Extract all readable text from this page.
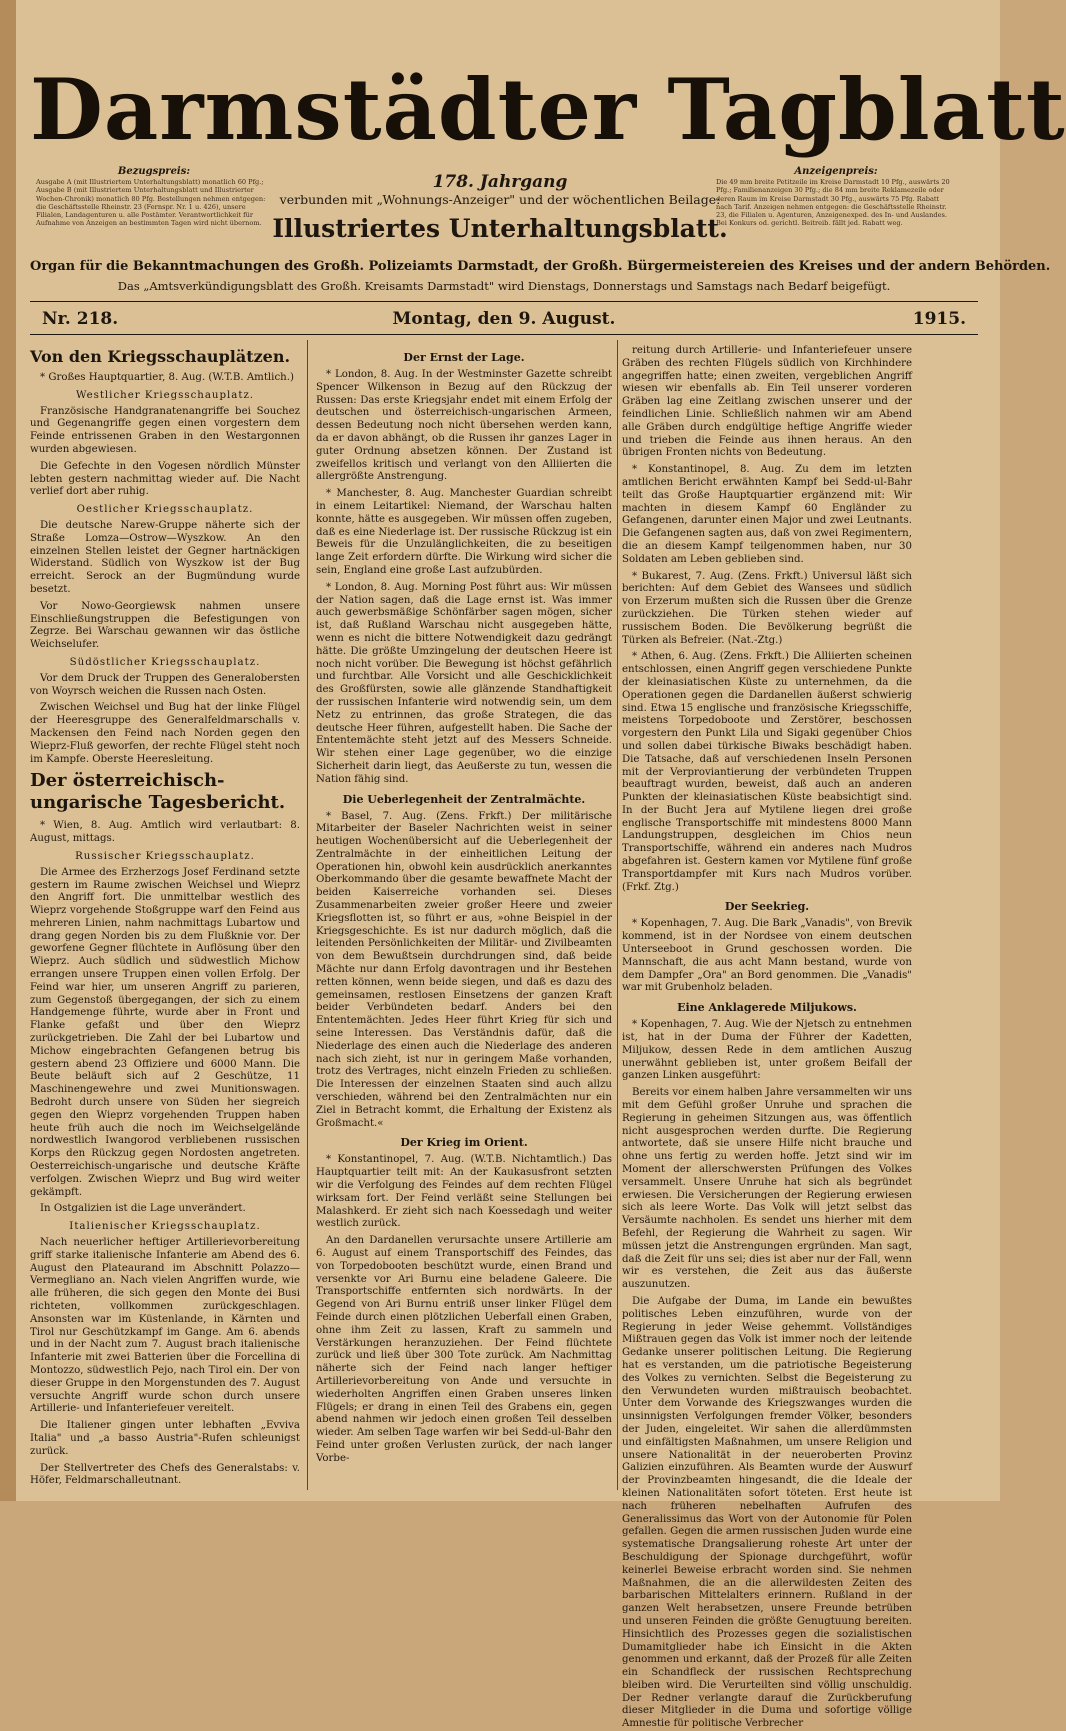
Darmstädter Tagblatt
Bezugspreis:
Ausgabe A (mit Illustriertem Unterhaltungsblatt) monatlich 60 Pfg.; Ausgabe B (mit Illustriertem Unterhaltungsblatt und Illustrierter Wochen-Chronik) monatlich 80 Pfg. Bestellungen nehmen entgegen: die Geschäftsstelle Rheinstr. 23 (Fernspr. Nr. 1 u. 426), unsere Filialen, Landagenturen u. alle Postämter. Verantwortlichkeit für Aufnahme von Anzeigen an bestimmten Tagen wird nicht übernom.
178. Jahrgang
verbunden mit „Wohnungs-Anzeiger" und der wöchentlichen Beilage:
Illustriertes Unterhaltungsblatt.
Anzeigenpreis:
Die 49 mm breite Petitzeile im Kreise Darmstadt 10 Pfg., auswärts 20 Pfg.; Familienanzeigen 30 Pfg.; die 84 mm breite Reklamezeile oder deren Raum im Kreise Darmstadt 30 Pfg., auswärts 75 Pfg. Rabatt nach Tarif. Anzeigen nehmen entgegen: die Geschäftsstelle Rheinstr. 23, die Filialen u. Agenturen, Anzeigenexped. des In- und Auslandes. Bei Konkurs od. gerichtl. Beitreib. fällt jed. Rabatt weg.
Organ für die Bekanntmachungen des Großh. Polizeiamts Darmstadt, der Großh. Bürgermeistereien des Kreises und der andern Behörden.
Das „Amtsverkündigungsblatt des Großh. Kreisamts Darmstadt" wird Dienstags, Donnerstags und Samstags nach Bedarf beigefügt.
Nr. 218.	Montag, den 9. August.	1915.
Von den Kriegsschauplätzen.

* Großes Hauptquartier, 8. Aug. (W.T.B. Amtlich.)

Westlicher Kriegsschauplatz.

Französische Handgranatenangriffe bei Souchez und Gegenangriffe gegen einen vorgestern dem Feinde entrissenen Graben in den Westargonnen wurden abgewiesen.

Die Gefechte in den Vogesen nördlich Münster lebten gestern nachmittag wieder auf. Die Nacht verlief dort aber ruhig.

Oestlicher Kriegsschauplatz.

Die deutsche Narew-Gruppe näherte sich der Straße Lomza—Ostrow—Wyszkow. An den einzelnen Stellen leistet der Gegner hartnäckigen Widerstand. Südlich von Wyszkow ist der Bug erreicht. Serock an der Bugmündung wurde besetzt.

Vor Nowo-Georgiewsk nahmen unsere Einschließungstruppen die Befestigungen von Zegrze. Bei Warschau gewannen wir das östliche Weichselufer.

Südöstlicher Kriegsschauplatz.

Vor dem Druck der Truppen des Generalobersten von Woyrsch weichen die Russen nach Osten.

Zwischen Weichsel und Bug hat der linke Flügel der Heeresgruppe des Generalfeldmarschalls v. Mackensen den Feind nach Norden gegen den Wieprz-Fluß geworfen, der rechte Flügel steht noch im Kampfe. Oberste Heeresleitung.

Der österreichisch-ungarische Tagesbericht.

* Wien, 8. Aug. Amtlich wird verlautbart: 8. August, mittags.

Russischer Kriegsschauplatz.

Die Armee des Erzherzogs Josef Ferdinand setzte gestern im Raume zwischen Weichsel und Wieprz den Angriff fort. Die unmittelbar westlich des Wieprz vorgehende Stoßgruppe warf den Feind aus mehreren Linien, nahm nachmittags Lubartow und drang gegen Norden bis zu dem Flußknie vor. Der geworfene Gegner flüchtete in Auflösung über den Wieprz. Auch südlich und südwestlich Michow errangen unsere Truppen einen vollen Erfolg. Der Feind war hier, um unseren Angriff zu parieren, zum Gegenstoß übergegangen, der sich zu einem Handgemenge führte, wurde aber in Front und Flanke gefaßt und über den Wieprz zurückgetrieben. Die Zahl der bei Lubartow und Michow eingebrachten Gefangenen betrug bis gestern abend 23 Offiziere und 6000 Mann. Die Beute beläuft sich auf 2 Geschütze, 11 Maschinengewehre und zwei Munitionswagen. Bedroht durch unsere von Süden her siegreich gegen den Wieprz vorgehenden Truppen haben heute früh auch die noch im Weichselgelände nordwestlich Iwangorod verbliebenen russischen Korps den Rückzug gegen Nordosten angetreten. Oesterreichisch-ungarische und deutsche Kräfte verfolgen. Zwischen Wieprz und Bug wird weiter gekämpft.

In Ostgalizien ist die Lage unverändert.

Italienischer Kriegsschauplatz.

Nach neuerlicher heftiger Artillerievorbereitung griff starke italienische Infanterie am Abend des 6. August den Plateaurand im Abschnitt Polazzo—Vermegliano an. Nach vielen Angriffen wurde, wie alle früheren, die sich gegen den Monte dei Busi richteten, vollkommen zurückgeschlagen. Ansonsten war im Küstenlande, in Kärnten und Tirol nur Geschützkampf im Gange. Am 6. abends und in der Nacht zum 7. August brach italienische Infanterie mit zwei Batterien über die Forcellina di Montozzo, südwestlich Pejo, nach Tirol ein. Der von dieser Gruppe in den Morgenstunden des 7. August versuchte Angriff wurde schon durch unsere Artillerie- und Infanteriefeuer vereitelt.

Die Italiener gingen unter lebhaften „Evviva Italia" und „a basso Austria"-Rufen schleunigst zurück.

Der Stellvertreter des Chefs des Generalstabs: v. Höfer, Feldmarschalleutnant.

Der Ernst der Lage.

* London, 8. Aug. In der Westminster Gazette schreibt Spencer Wilkenson in Bezug auf den Rückzug der Russen: Das erste Kriegsjahr endet mit einem Erfolg der deutschen und österreichisch-ungarischen Armeen, dessen Bedeutung noch nicht übersehen werden kann, da er davon abhängt, ob die Russen ihr ganzes Lager in guter Ordnung absetzen können. Der Zustand ist zweifellos kritisch und verlangt von den Alliierten die allergrößte Anstrengung.

* Manchester, 8. Aug. Manchester Guardian schreibt in einem Leitartikel: Niemand, der Warschau halten konnte, hätte es ausgegeben. Wir müssen offen zugeben, daß es eine Niederlage ist. Der russische Rückzug ist ein Beweis für die Unzulänglichkeiten, die zu beseitigen lange Zeit erfordern dürfte. Die Wirkung wird sicher die sein, England eine große Last aufzubürden.

* London, 8. Aug. Morning Post führt aus: Wir müssen der Nation sagen, daß die Lage ernst ist. Was immer auch gewerbsmäßige Schönfärber sagen mögen, sicher ist, daß Rußland Warschau nicht ausgegeben hätte, wenn es nicht die bittere Notwendigkeit dazu gedrängt hätte. Die größte Umzingelung der deutschen Heere ist noch nicht vorüber. Die Bewegung ist höchst gefährlich und furchtbar. Alle Vorsicht und alle Geschicklichkeit des Großfürsten, sowie alle glänzende Standhaftigkeit der russischen Infanterie wird notwendig sein, um dem Netz zu entrinnen, das große Strategen, die das deutsche Heer führen, aufgestellt haben. Die Sache der Ententemächte steht jetzt auf des Messers Schneide. Wir stehen einer Lage gegenüber, wo die einzige Sicherheit darin liegt, das Aeußerste zu tun, wessen die Nation fähig sind.

Die Ueberlegenheit der Zentralmächte.

* Basel, 7. Aug. (Zens. Frkft.) Der militärische Mitarbeiter der Baseler Nachrichten weist in seiner heutigen Wochenübersicht auf die Ueberlegenheit der Zentralmächte in der einheitlichen Leitung der Operationen hin, obwohl kein ausdrücklich anerkanntes Oberkommando über die gesamte bewaffnete Macht der beiden Kaiserreiche vorhanden sei. Dieses Zusammenarbeiten zweier großer Heere und zweier Kriegsflotten ist, so führt er aus, »ohne Beispiel in der Kriegsgeschichte. Es ist nur dadurch möglich, daß die leitenden Persönlichkeiten der Militär- und Zivilbeamten von dem Bewußtsein durchdrungen sind, daß beide Mächte nur dann Erfolg davontragen und ihr Bestehen retten können, wenn beide siegen, und daß es dazu des gemeinsamen, restlosen Einsetzens der ganzen Kraft beider Verbündeten bedarf. Anders bei den Ententemächten. Jedes Heer führt Krieg für sich und seine Interessen. Das Verständnis dafür, daß die Niederlage des einen auch die Niederlage des anderen nach sich zieht, ist nur in geringem Maße vorhanden, trotz des Vertrages, nicht einzeln Frieden zu schließen. Die Interessen der einzelnen Staaten sind auch allzu verschieden, während bei den Zentralmächten nur ein Ziel in Betracht kommt, die Erhaltung der Existenz als Großmacht.«

Der Krieg im Orient.

* Konstantinopel, 7. Aug. (W.T.B. Nichtamtlich.) Das Hauptquartier teilt mit: An der Kaukasusfront setzten wir die Verfolgung des Feindes auf dem rechten Flügel wirksam fort. Der Feind verläßt seine Stellungen bei Malashkerd. Er zieht sich nach Koessedagh und weiter westlich zurück.

An den Dardanellen verursachte unsere Artillerie am 6. August auf einem Transportschiff des Feindes, das von Torpedobooten beschützt wurde, einen Brand und versenkte vor Ari Burnu eine beladene Galeere. Die Transportschiffe entfernten sich nordwärts. In der Gegend von Ari Burnu entriß unser linker Flügel dem Feinde durch einen plötzlichen Ueberfall einen Graben, ohne ihm Zeit zu lassen, Kraft zu sammeln und Verstärkungen heranzuziehen. Der Feind flüchtete zurück und ließ über 300 Tote zurück. Am Nachmittag näherte sich der Feind nach langer heftiger Artillerievorbereitung von Ande und versuchte in wiederholten Angriffen einen Graben unseres linken Flügels; er drang in einen Teil des Grabens ein, gegen abend nahmen wir jedoch einen großen Teil desselben wieder. Am selben Tage warfen wir bei Sedd-ul-Bahr den Feind unter großen Verlusten zurück, der nach langer Vorbe-

reitung durch Artillerie- und Infanteriefeuer unsere Gräben des rechten Flügels südlich von Kirchhindere angegriffen hatte; einen zweiten, vergeblichen Angriff wiesen wir ebenfalls ab. Ein Teil unserer vorderen Gräben lag eine Zeitlang zwischen unserer und der feindlichen Linie. Schließlich nahmen wir am Abend alle Gräben durch endgültige heftige Angriffe wieder und trieben die Feinde aus ihnen heraus. An den übrigen Fronten nichts von Bedeutung.

* Konstantinopel, 8. Aug. Zu dem im letzten amtlichen Bericht erwähnten Kampf bei Sedd-ul-Bahr teilt das Große Hauptquartier ergänzend mit: Wir machten in diesem Kampf 60 Engländer zu Gefangenen, darunter einen Major und zwei Leutnants. Die Gefangenen sagten aus, daß von zwei Regimentern, die an diesem Kampf teilgenommen haben, nur 30 Soldaten am Leben geblieben sind.

* Bukarest, 7. Aug. (Zens. Frkft.) Universul läßt sich berichten: Auf dem Gebiet des Wansees und südlich von Erzerum mußten sich die Russen über die Grenze zurückziehen. Die Türken stehen wieder auf russischem Boden. Die Bevölkerung begrüßt die Türken als Befreier. (Nat.-Ztg.)

* Athen, 6. Aug. (Zens. Frkft.) Die Alliierten scheinen entschlossen, einen Angriff gegen verschiedene Punkte der kleinasiatischen Küste zu unternehmen, da die Operationen gegen die Dardanellen äußerst schwierig sind. Etwa 15 englische und französische Kriegsschiffe, meistens Torpedoboote und Zerstörer, beschossen vorgestern den Punkt Lila und Sigaki gegenüber Chios und sollen dabei türkische Biwaks beschädigt haben. Die Tatsache, daß auf verschiedenen Inseln Personen mit der Verproviantierung der verbündeten Truppen beauftragt wurden, beweist, daß auch an anderen Punkten der kleinasiatischen Küste beabsichtigt sind. In der Bucht Jera auf Mytilene liegen drei große englische Transportschiffe mit mindestens 8000 Mann Landungstruppen, desgleichen im Chios neun Transportschiffe, während ein anderes nach Mudros abgefahren ist. Gestern kamen vor Mytilene fünf große Transportdampfer mit Kurs nach Mudros vorüber. (Frkf. Ztg.)

Der Seekrieg.

* Kopenhagen, 7. Aug. Die Bark „Vanadis", von Brevik kommend, ist in der Nordsee von einem deutschen Unterseeboot in Grund geschossen worden. Die Mannschaft, die aus acht Mann bestand, wurde von dem Dampfer „Ora" an Bord genommen. Die „Vanadis" war mit Grubenholz beladen.

Eine Anklagerede Miljukows.

* Kopenhagen, 7. Aug. Wie der Njetsch zu entnehmen ist, hat in der Duma der Führer der Kadetten, Miljukow, dessen Rede in dem amtlichen Auszug unerwähnt geblieben ist, unter großem Beifall der ganzen Linken ausgeführt:

Bereits vor einem halben Jahre versammelten wir uns mit dem Gefühl großer Unruhe und sprachen die Regierung in geheimen Sitzungen aus, was öffentlich nicht ausgesprochen werden durfte. Die Regierung antwortete, daß sie unsere Hilfe nicht brauche und ohne uns fertig zu werden hoffe. Jetzt sind wir im Moment der allerschwersten Prüfungen des Volkes versammelt. Unsere Unruhe hat sich als begründet erwiesen. Die Versicherungen der Regierung erwiesen sich als leere Worte. Das Volk will jetzt selbst das Versäumte nachholen. Es sendet uns hierher mit dem Befehl, der Regierung die Wahrheit zu sagen. Wir müssen jetzt die Anstrengungen ergründen. Man sagt, daß die Zeit für uns sei; dies ist aber nur der Fall, wenn wir es verstehen, die Zeit aus das äußerste auszunutzen.

Die Aufgabe der Duma, im Lande ein bewußtes politisches Leben einzuführen, wurde von der Regierung in jeder Weise gehemmt. Vollständiges Mißtrauen gegen das Volk ist immer noch der leitende Gedanke unserer politischen Leitung. Die Regierung hat es verstanden, um die patriotische Begeisterung des Volkes zu vernichten. Selbst die Begeisterung zu den Verwundeten wurden mißtrauisch beobachtet. Unter dem Vorwande des Kriegszwanges wurden die unsinnigsten Verfolgungen fremder Völker, besonders der Juden, eingeleitet. Wir sahen die allerdümmsten und einfältigsten Maßnahmen, um unsere Religion und unsere Nationalität in der neueroberten Provinz Galizien einzuführen. Als Beamten wurde der Auswurf der Provinzbeamten hingesandt, die die Ideale der kleinen Nationalitäten sofort töteten. Erst heute ist nach früheren nebelhaften Aufrufen des Generalissimus das Wort von der Autonomie für Polen gefallen. Gegen die armen russischen Juden wurde eine systematische Drangsalierung roheste Art unter der Beschuldigung der Spionage durchgeführt, wofür keinerlei Beweise erbracht worden sind. Sie nehmen Maßnahmen, die an die allerwildesten Zeiten des barbarischen Mittelalters erinnern. Rußland in der ganzen Welt herabsetzen, unsere Freunde betrüben und unseren Feinden die größte Genugtuung bereiten. Hinsichtlich des Prozesses gegen die sozialistischen Dumamitglieder habe ich Einsicht in die Akten genommen und erkannt, daß der Prozeß für alle Zeiten ein Schandfleck der russischen Rechtsprechung bleiben wird. Die Verurteilten sind völlig unschuldig. Der Redner verlangte darauf die Zurückberufung dieser Mitglieder in die Duma und sofortige völlige Amnestie für politische Verbrecher
